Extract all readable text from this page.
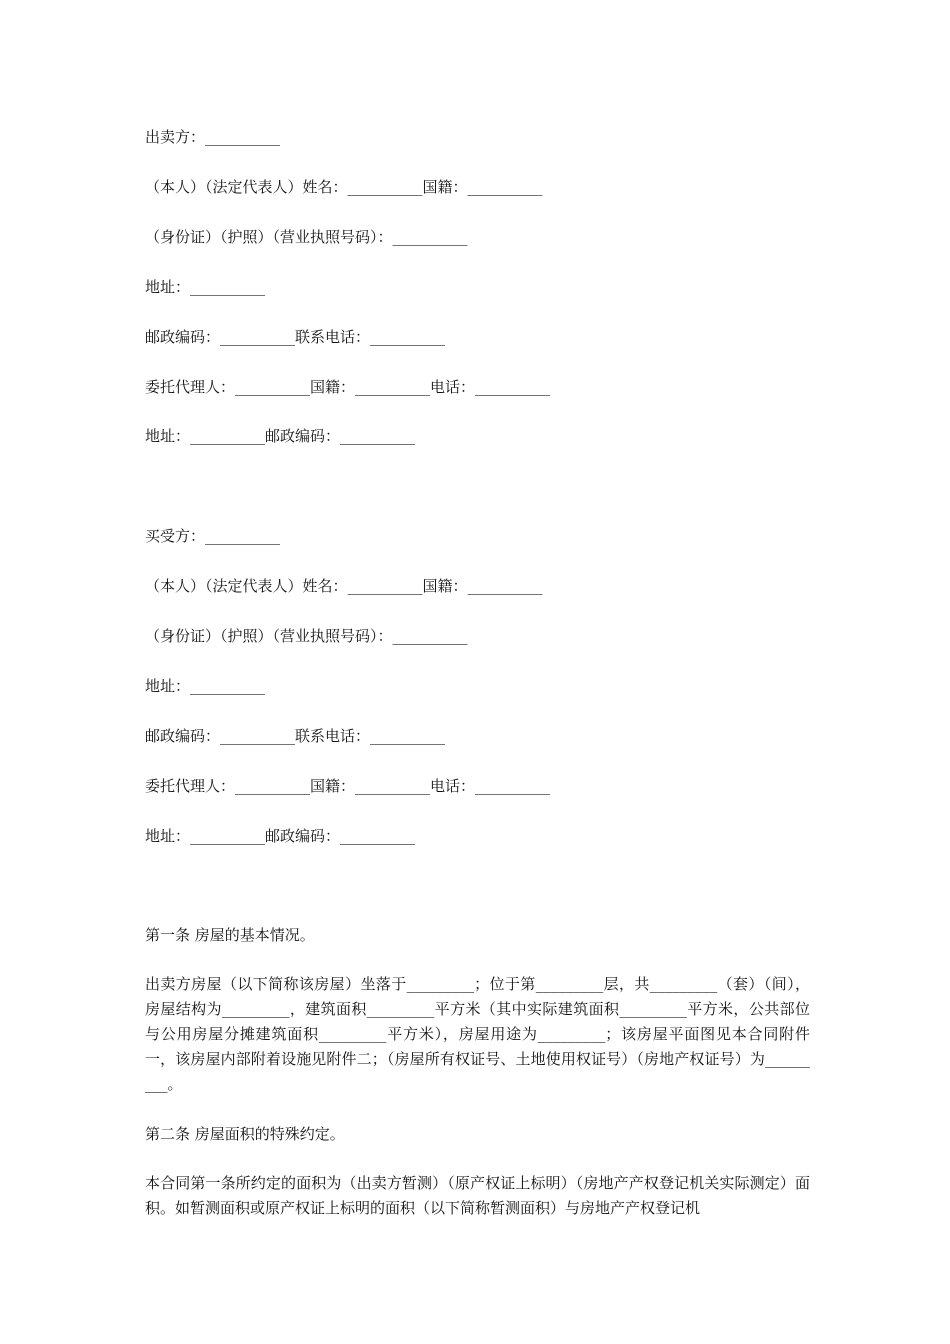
出卖方：__________
（本人）（法定代表人）姓名：__________国籍：__________
（身份证）（护照）（营业执照号码）：__________
地址：__________
邮政编码：__________联系电话：__________
委托代理人：__________国籍：__________电话：__________
地址：__________邮政编码：__________
买受方：__________
（本人）（法定代表人）姓名：__________国籍：__________
（身份证）（护照）（营业执照号码）：__________
地址：__________
邮政编码：__________联系电话：__________
委托代理人：__________国籍：__________电话：__________
地址：__________邮政编码：__________
第一条 房屋的基本情况。
出卖方房屋（以下简称该房屋）坐落于_________；位于第_________层，共_________（套）（间），房屋结构为_________，建筑面积_________平方米（其中实际建筑面积_________平方米，公共部位与公用房屋分摊建筑面积_________平方米），房屋用途为_________；该房屋平面图见本合同附件一，该房屋内部附着设施见附件二；（房屋所有权证号、土地使用权证号）（房地产权证号）为_________。
第二条 房屋面积的特殊约定。
本合同第一条所约定的面积为（出卖方暂测）（原产权证上标明）（房地产产权登记机关实际测定）面积。如暂测面积或原产权证上标明的面积（以下简称暂测面积）与房地产产权登记机
